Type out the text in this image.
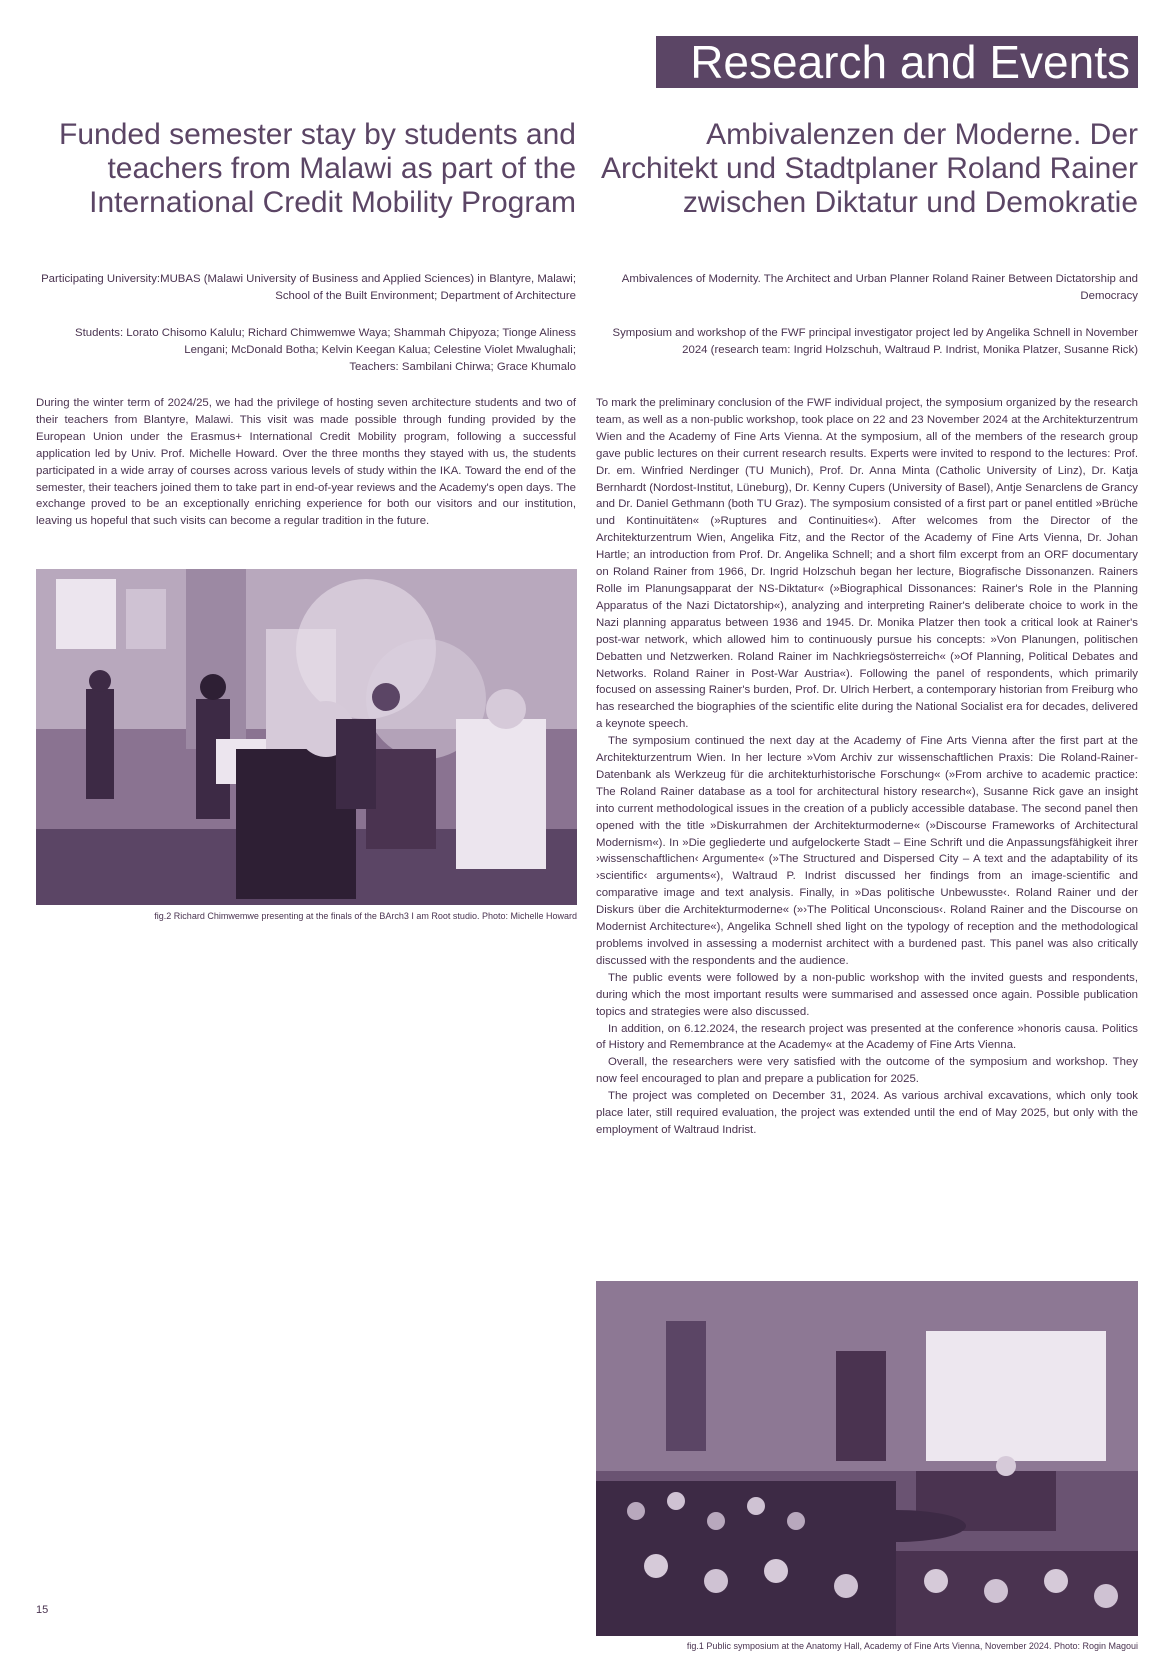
Research and Events
Funded semester stay by students and teachers from Malawi as part of the International Credit Mobility Program

Participating University:MUBAS (Malawi University of Business and Applied Sciences) in Blantyre, Malawi; School of the Built Environment; Department of Architecture

Students: Lorato Chisomo Kalulu; Richard Chimwemwe Waya; Shammah Chipyoza; Tionge Aliness Lengani; McDonald Botha; Kelvin Keegan Kalua; Celestine Violet Mwalughali;
Teachers: Sambilani Chirwa; Grace Khumalo

During the winter term of 2024/25, we had the privilege of hosting seven architecture students and two of their teachers from Blantyre, Malawi. This visit was made possible through funding provided by the European Union under the Erasmus+ International Credit Mobility program, following a successful application led by Univ. Prof. Michelle Howard. Over the three months they stayed with us, the students participated in a wide array of courses across various levels of study within the IKA. Toward the end of the semester, their teachers joined them to take part in end-of-year reviews and the Academy's open days. The exchange proved to be an exceptionally enriching experience for both our visitors and our institution, leaving us hopeful that such visits can become a regular tradition in the future.

fig.2 Richard Chimwemwe presenting at the finals of the BArch3 I am Root studio. Photo: Michelle Howard

Ambivalenzen der Moderne. Der Architekt und Stadtplaner Roland Rainer zwischen Diktatur und Demokratie

Ambivalences of Modernity. The Architect and Urban Planner Roland Rainer Between Dictatorship and Democracy

Symposium and workshop of the FWF principal investigator project led by Angelika Schnell in November 2024 (research team: Ingrid Holzschuh, Waltraud P. Indrist, Monika Platzer, Susanne Rick)

To mark the preliminary conclusion of the FWF individual project, the symposium organized by the research team, as well as a non-public workshop, took place on 22 and 23 November 2024 at the Architekturzentrum Wien and the Academy of Fine Arts Vienna. At the symposium, all of the members of the research group gave public lectures on their current research results. Experts were invited to respond to the lectures: Prof. Dr. em. Winfried Nerdinger (TU Munich), Prof. Dr. Anna Minta (Catholic University of Linz), Dr. Katja Bernhardt (Nordost-Institut, Lüneburg), Dr. Kenny Cupers (University of Basel), Antje Senarclens de Grancy and Dr. Daniel Gethmann (both TU Graz). The symposium consisted of a first part or panel entitled »Brüche und Kontinuitäten« (»Ruptures and Continuities«). After welcomes from the Director of the Architekturzentrum Wien, Angelika Fitz, and the Rector of the Academy of Fine Arts Vienna, Dr. Johan Hartle; an introduction from Prof. Dr. Angelika Schnell; and a short film excerpt from an ORF documentary on Roland Rainer from 1966, Dr. Ingrid Holzschuh began her lecture, Biografische Dissonanzen. Rainers Rolle im Planungsapparat der NS-Diktatur« (»Biographical Dissonances: Rainer's Role in the Planning Apparatus of the Nazi Dictatorship«), analyzing and interpreting Rainer's deliberate choice to work in the Nazi planning apparatus between 1936 and 1945. Dr. Monika Platzer then took a critical look at Rainer's post-war network, which allowed him to continuously pursue his concepts: »Von Planungen, politischen Debatten und Netzwerken. Roland Rainer im Nachkriegsösterreich« (»Of Planning, Political Debates and Networks. Roland Rainer in Post-War Austria«). Following the panel of respondents, which primarily focused on assessing Rainer's burden, Prof. Dr. Ulrich Herbert, a contemporary historian from Freiburg who has researched the biographies of the scientific elite during the National Socialist era for decades, delivered a keynote speech.

The symposium continued the next day at the Academy of Fine Arts Vienna after the first part at the Architekturzentrum Wien. In her lecture »Vom Archiv zur wissenschaftlichen Praxis: Die Roland-Rainer-Datenbank als Werkzeug für die architekturhistorische Forschung« (»From archive to academic practice: The Roland Rainer database as a tool for architectural history research«), Susanne Rick gave an insight into current methodological issues in the creation of a publicly accessible database. The second panel then opened with the title »Diskurrahmen der Architekturmoderne« (»Discourse Frameworks of Architectural Modernism«). In »Die gegliederte und aufgelockerte Stadt – Eine Schrift und die Anpassungsfähigkeit ihrer ›wissenschaftlichen‹ Argumente« (»The Structured and Dispersed City – A text and the adaptability of its ›scientific‹ arguments«), Waltraud P. Indrist discussed her findings from an image-scientific and comparative image and text analysis. Finally, in »Das politische Unbewusste‹. Roland Rainer und der Diskurs über die Architekturmoderne« (»›The Political Unconscious‹. Roland Rainer and the Discourse on Modernist Architecture«), Angelika Schnell shed light on the typology of reception and the methodological problems involved in assessing a modernist architect with a burdened past. This panel was also critically discussed with the respondents and the audience.

The public events were followed by a non-public workshop with the invited guests and respondents, during which the most important results were summarised and assessed once again. Possible publication topics and strategies were also discussed.

In addition, on 6.12.2024, the research project was presented at the conference »honoris causa. Politics of History and Remembrance at the Academy« at the Academy of Fine Arts Vienna.

Overall, the researchers were very satisfied with the outcome of the symposium and workshop. They now feel encouraged to plan and prepare a publication for 2025.

The project was completed on December 31, 2024. As various archival excavations, which only took place later, still required evaluation, the project was extended until the end of May 2025, but only with the employment of Waltraud Indrist.

fig.1 Public symposium at the Anatomy Hall, Academy of Fine Arts Vienna, November 2024. Photo: Rogin Magoui

15
